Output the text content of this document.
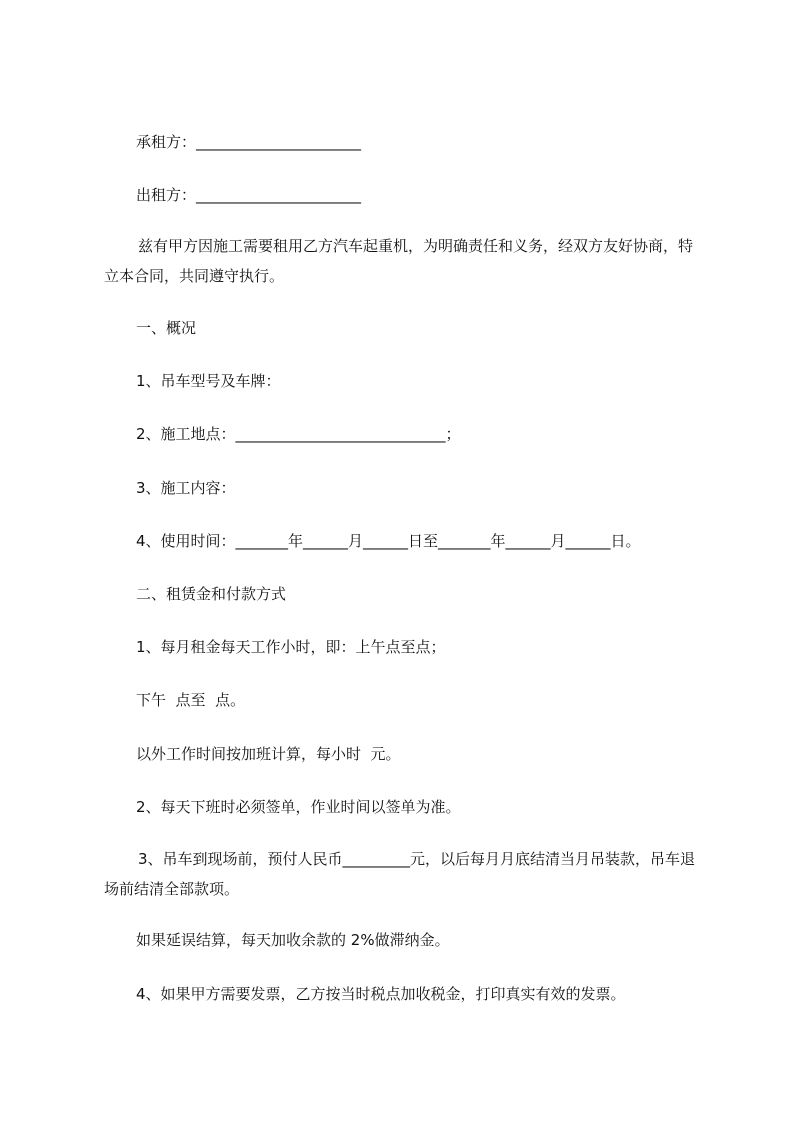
承租方：______________________

出租方：______________________

兹有甲方因施工需要租用乙方汽车起重机，为明确责任和义务，经双方友好协商，特立本合同，共同遵守执行。

一、概况

1、吊车型号及车牌：

2、施工地点：____________________________；

3、施工内容：

4、使用时间：_______年______月______日至_______年______月______日。

二、租赁金和付款方式

1、每月租金每天工作小时，即：上午点至点；

下午  点至  点。

以外工作时间按加班计算，每小时  元。

2、每天下班时必须签单，作业时间以签单为准。

3、吊车到现场前，预付人民币_________元，以后每月月底结清当月吊装款，吊车退场前结清全部款项。

如果延误结算，每天加收余款的 2%做滞纳金。

4、如果甲方需要发票，乙方按当时税点加收税金，打印真实有效的发票。
